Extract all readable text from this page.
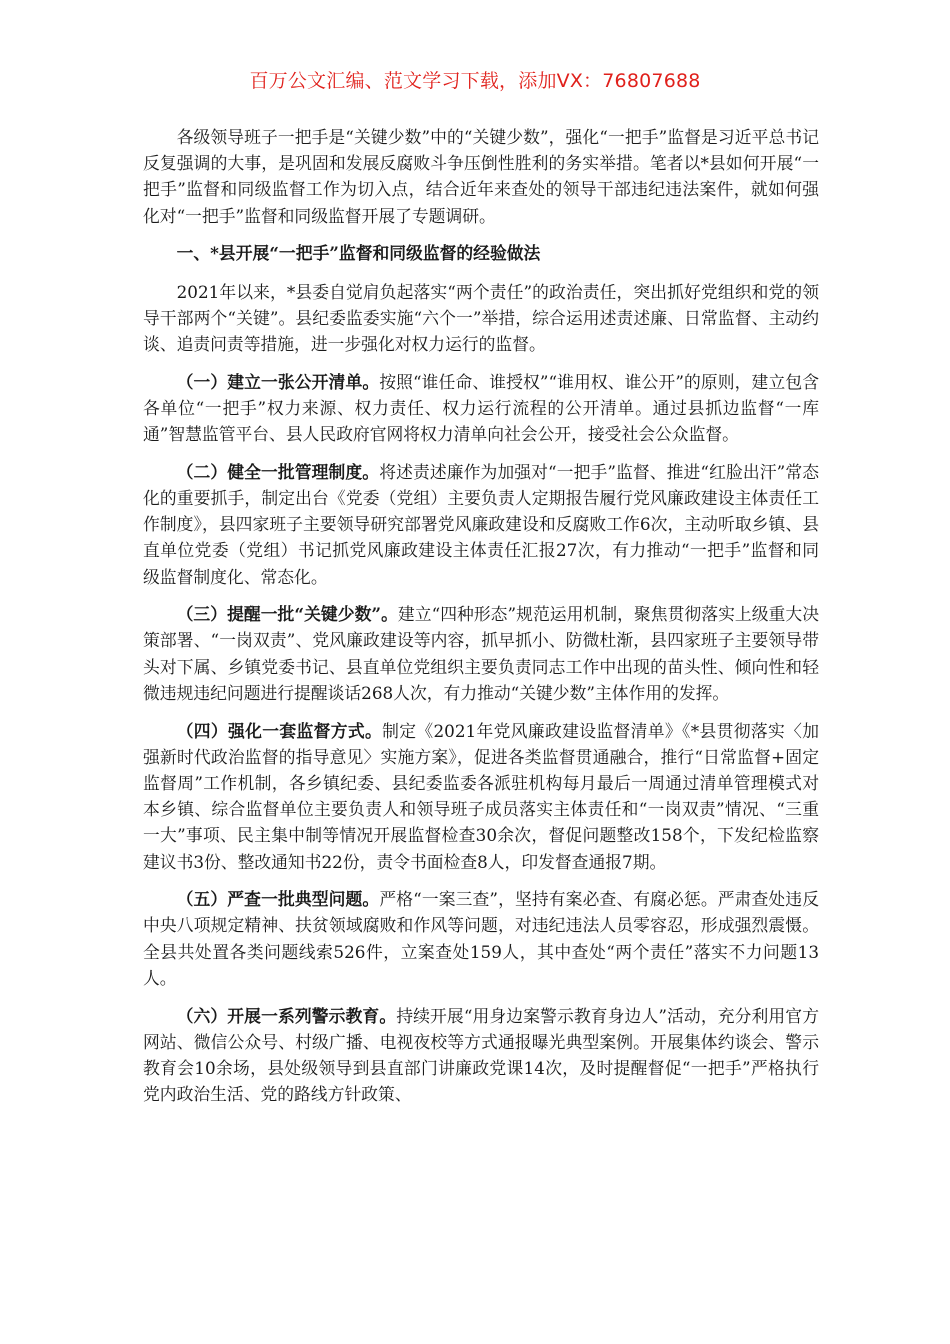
百万公文汇编、范文学习下载，添加VX：76807688

各级领导班子一把手是“关键少数”中的“关键少数”，强化“一把手”监督是习近平总书记反复强调的大事，是巩固和发展反腐败斗争压倒性胜利的务实举措。笔者以*县如何开展“一把手”监督和同级监督工作为切入点，结合近年来查处的领导干部违纪违法案件，就如何强化对“一把手”监督和同级监督开展了专题调研。

一、*县开展“一把手”监督和同级监督的经验做法

2021年以来，*县委自觉肩负起落实“两个责任”的政治责任，突出抓好党组织和党的领导干部两个“关键”。县纪委监委实施“六个一”举措，综合运用述责述廉、日常监督、主动约谈、追责问责等措施，进一步强化对权力运行的监督。

（一）建立一张公开清单。按照“谁任命、谁授权”“谁用权、谁公开”的原则，建立包含各单位“一把手”权力来源、权力责任、权力运行流程的公开清单。通过县抓边监督“一库通”智慧监管平台、县人民政府官网将权力清单向社会公开，接受社会公众监督。

（二）健全一批管理制度。将述责述廉作为加强对“一把手”监督、推进“红脸出汗”常态化的重要抓手，制定出台《党委（党组）主要负责人定期报告履行党风廉政建设主体责任工作制度》，县四家班子主要领导研究部署党风廉政建设和反腐败工作6次，主动听取乡镇、县直单位党委（党组）书记抓党风廉政建设主体责任汇报27次，有力推动“一把手”监督和同级监督制度化、常态化。

（三）提醒一批“关键少数”。建立“四种形态”规范运用机制，聚焦贯彻落实上级重大决策部署、“一岗双责”、党风廉政建设等内容，抓早抓小、防微杜渐，县四家班子主要领导带头对下属、乡镇党委书记、县直单位党组织主要负责同志工作中出现的苗头性、倾向性和轻微违规违纪问题进行提醒谈话268人次，有力推动“关键少数”主体作用的发挥。

（四）强化一套监督方式。制定《2021年党风廉政建设监督清单》《*县贯彻落实〈加强新时代政治监督的指导意见〉实施方案》，促进各类监督贯通融合，推行“日常监督+固定监督周”工作机制，各乡镇纪委、县纪委监委各派驻机构每月最后一周通过清单管理模式对本乡镇、综合监督单位主要负责人和领导班子成员落实主体责任和“一岗双责”情况、“三重一大”事项、民主集中制等情况开展监督检查30余次，督促问题整改158个，下发纪检监察建议书3份、整改通知书22份，责令书面检查8人，印发督查通报7期。

（五）严查一批典型问题。严格“一案三查”，坚持有案必查、有腐必惩。严肃查处违反中央八项规定精神、扶贫领域腐败和作风等问题，对违纪违法人员零容忍，形成强烈震慑。全县共处置各类问题线索526件，立案查处159人，其中查处“两个责任”落实不力问题13人。

（六）开展一系列警示教育。持续开展“用身边案警示教育身边人”活动，充分利用官方网站、微信公众号、村级广播、电视夜校等方式通报曝光典型案例。开展集体约谈会、警示教育会10余场，县处级领导到县直部门讲廉政党课14次，及时提醒督促“一把手”严格执行党内政治生活、党的路线方针政策、
